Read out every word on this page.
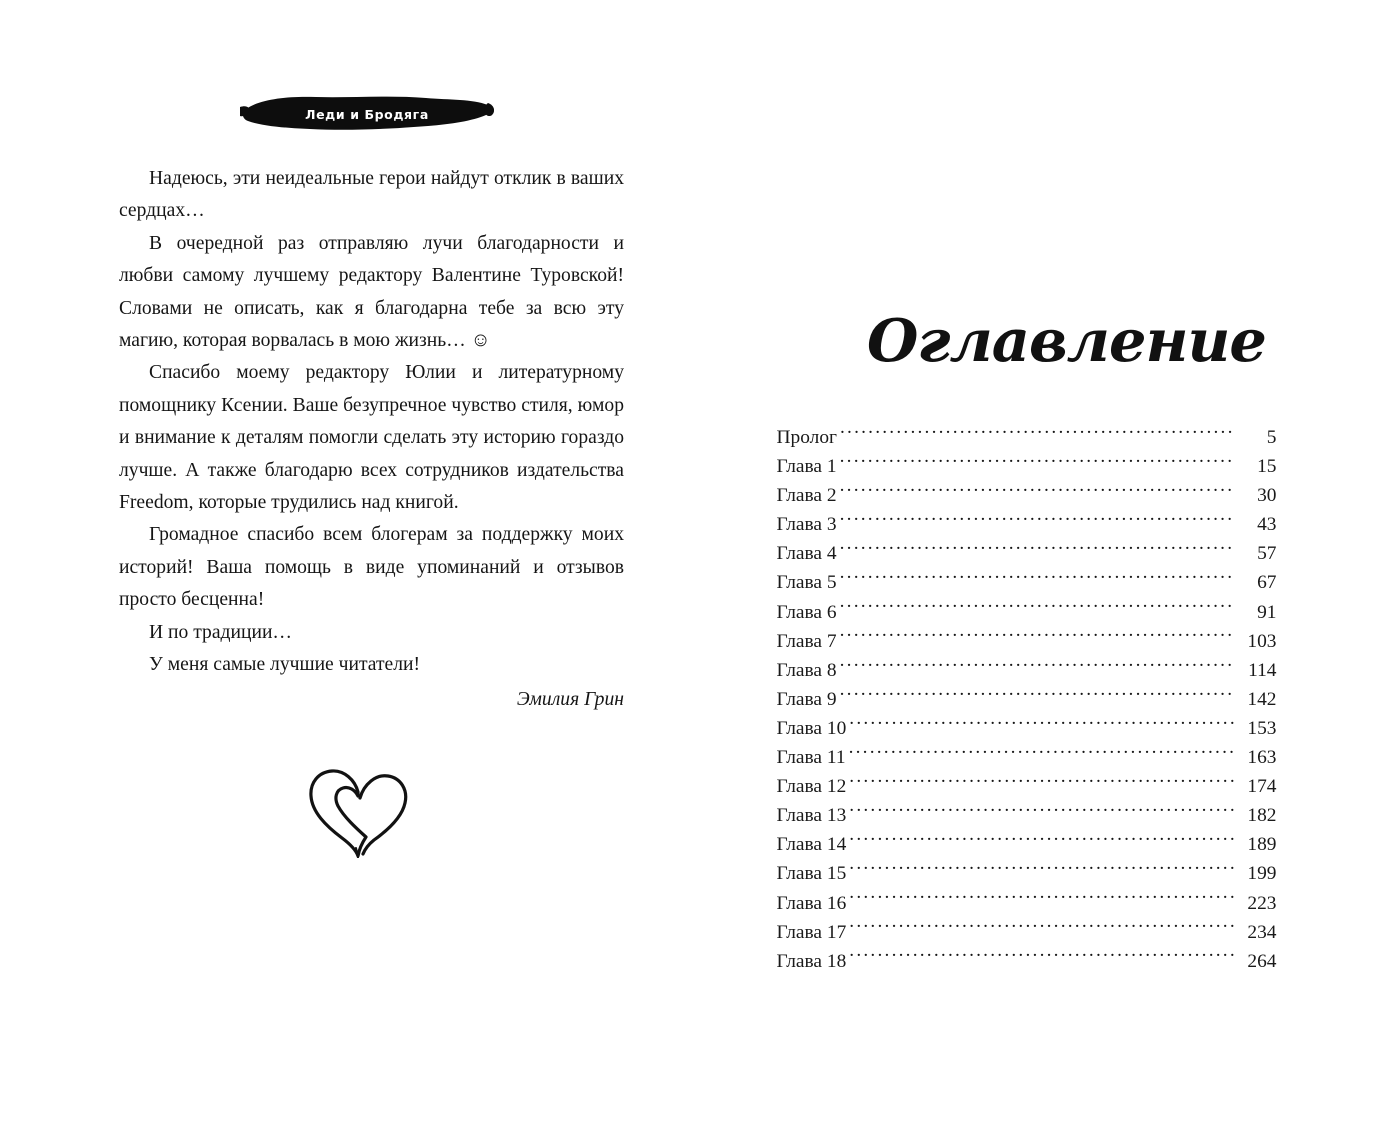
Леди и Бродяга

Надеюсь, эти неидеальные герои найдут отклик в ваших сердцах…

В очередной раз отправляю лучи благодарности и любви самому лучшему редактору Валентине Туровской! Словами не описать, как я благодарна тебе за всю эту магию, которая ворвалась в мою жизнь… ☺

Спасибо моему редактору Юлии и литературному помощнику Ксении. Ваше безупречное чувство стиля, юмор и внимание к деталям помогли сделать эту историю гораздо лучше. А также благодарю всех сотрудников издательства Freedom, которые трудились над книгой.

Громадное спасибо всем блогерам за поддержку моих историй! Ваша помощь в виде упоминаний и отзывов просто бесценна!

И по традиции…

У меня самые лучшие читатели!

Эмилия Грин

Оглавление
Пролог .....	5
Глава 1 .....	15
Глава 2 .....	30
Глава 3 .....	43
Глава 4 .....	57
Глава 5 .....	67
Глава 6 .....	91
Глава 7 .....	103
Глава 8 .....	114
Глава 9 .....	142
Глава 10 .....	153
Глава 11 .....	163
Глава 12 .....	174
Глава 13 .....	182
Глава 14 .....	189
Глава 15 .....	199
Глава 16 .....	223
Глава 17 .....	234
Глава 18 .....	264
